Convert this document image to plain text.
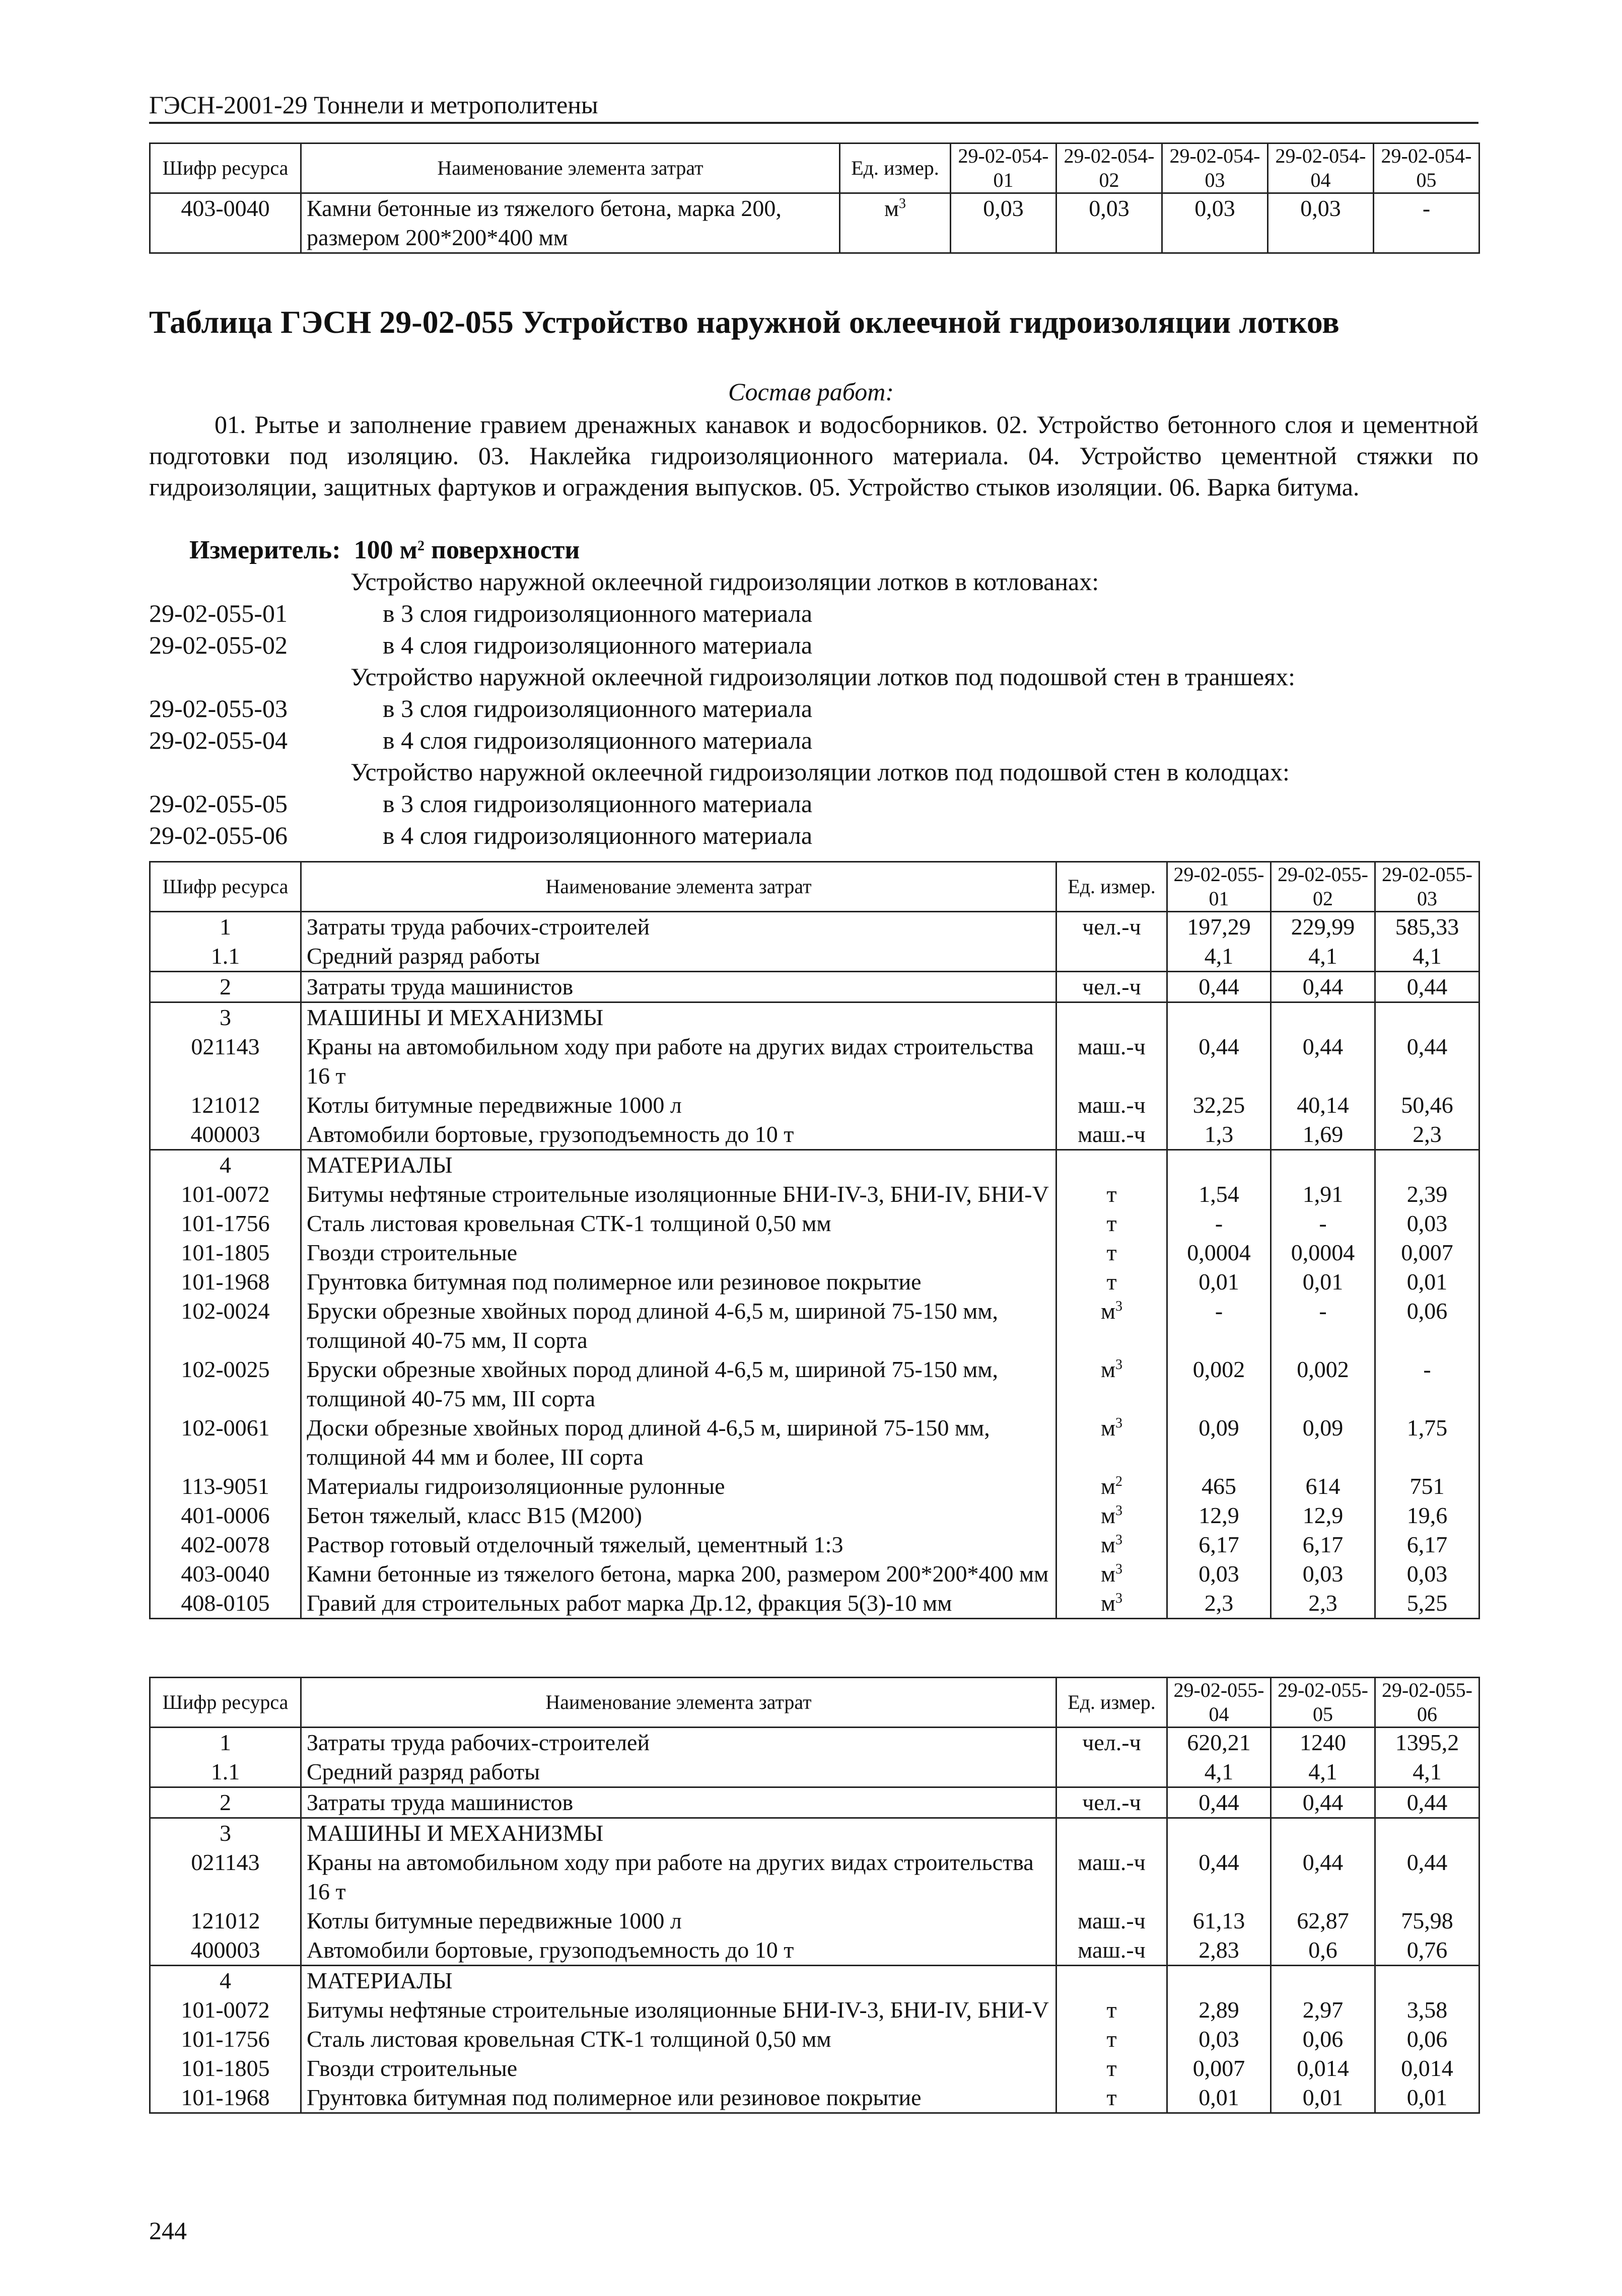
ГЭСН-2001-29 Тоннели и метрополитены
Шифр ресурса	Наименование элемента затрат	Ед. измер.	29-02-054-01	29-02-054-02	29-02-054-03	29-02-054-04	29-02-054-05
403-0040	Камни бетонные из тяжелого бетона, марка 200, размером 200*200*400 мм	$м^3$	0,03	0,03	0,03	0,03	-
Таблица ГЭСН 29-02-055 Устройство наружной оклеечной гидроизоляции лотков
Состав работ:
01. Рытье и заполнение гравием дренажных канавок и водосборников. 02. Устройство бетонного слоя и цементной подготовки под изоляцию. 03. Наклейка гидроизоляционного материала. 04. Устройство цементной стяжки по гидроизоляции, защитных фартуков и ограждения выпусков. 05. Устройство стыков изоляции. 06. Варка битума.
Измеритель: 100 $м^2$ поверхности
Устройство наружной оклеечной гидроизоляции лотков в котлованах:
29-02-055-01	в 3 слоя гидроизоляционного материала
29-02-055-02	в 4 слоя гидроизоляционного материала
Устройство наружной оклеечной гидроизоляции лотков под подошвой стен в траншеях:
29-02-055-03	в 3 слоя гидроизоляционного материала
29-02-055-04	в 4 слоя гидроизоляционного материала
Устройство наружной оклеечной гидроизоляции лотков под подошвой стен в колодцах:
29-02-055-05	в 3 слоя гидроизоляционного материала
29-02-055-06	в 4 слоя гидроизоляционного материала
Шифр ресурса	Наименование элемента затрат	Ед. измер.	29-02-055-01	29-02-055-02	29-02-055-03
1	Затраты труда рабочих-строителей	чел.-ч	197,29	229,99	585,33
1.1	Средний разряд работы		4,1	4,1	4,1
2	Затраты труда машинистов	чел.-ч	0,44	0,44	0,44
3	МАШИНЫ И МЕХАНИЗМЫ				
021143	Краны на автомобильном ходу при работе на других видах строительства 16 т	маш.-ч	0,44	0,44	0,44
121012	Котлы битумные передвижные 1000 л	маш.-ч	32,25	40,14	50,46
400003	Автомобили бортовые, грузоподъемность до 10 т	маш.-ч	1,3	1,69	2,3
4	МАТЕРИАЛЫ				
101-0072	Битумы нефтяные строительные изоляционные БНИ-IV-3, БНИ-IV, БНИ-V	т	1,54	1,91	2,39
101-1756	Сталь листовая кровельная СТК-1 толщиной 0,50 мм	т	-	-	0,03
101-1805	Гвозди строительные	т	0,0004	0,0004	0,007
101-1968	Грунтовка битумная под полимерное или резиновое покрытие	т	0,01	0,01	0,01
102-0024	Бруски обрезные хвойных пород длиной 4-6,5 м, шириной 75-150 мм, толщиной 40-75 мм, II сорта	$м^3$	-	-	0,06
102-0025	Бруски обрезные хвойных пород длиной 4-6,5 м, шириной 75-150 мм, толщиной 40-75 мм, III сорта	$м^3$	0,002	0,002	-
102-0061	Доски обрезные хвойных пород длиной 4-6,5 м, шириной 75-150 мм, толщиной 44 мм и более, III сорта	$м^3$	0,09	0,09	1,75
113-9051	Материалы гидроизоляционные рулонные	$м^2$	465	614	751
401-0006	Бетон тяжелый, класс B15 (M200)	$м^3$	12,9	12,9	19,6
402-0078	Раствор готовый отделочный тяжелый, цементный 1:3	$м^3$	6,17	6,17	6,17
403-0040	Камни бетонные из тяжелого бетона, марка 200, размером 200*200*400 мм	$м^3$	0,03	0,03	0,03
408-0105	Гравий для строительных работ марка Др.12, фракция 5(3)-10 мм	$м^3$	2,3	2,3	5,25
Шифр ресурса	Наименование элемента затрат	Ед. измер.	29-02-055-04	29-02-055-05	29-02-055-06
1	Затраты труда рабочих-строителей	чел.-ч	620,21	1240	1395,2
1.1	Средний разряд работы		4,1	4,1	4,1
2	Затраты труда машинистов	чел.-ч	0,44	0,44	0,44
3	МАШИНЫ И МЕХАНИЗМЫ				
021143	Краны на автомобильном ходу при работе на других видах строительства 16 т	маш.-ч	0,44	0,44	0,44
121012	Котлы битумные передвижные 1000 л	маш.-ч	61,13	62,87	75,98
400003	Автомобили бортовые, грузоподъемность до 10 т	маш.-ч	2,83	0,6	0,76
4	МАТЕРИАЛЫ				
101-0072	Битумы нефтяные строительные изоляционные БНИ-IV-3, БНИ-IV, БНИ-V	т	2,89	2,97	3,58
101-1756	Сталь листовая кровельная СТК-1 толщиной 0,50 мм	т	0,03	0,06	0,06
101-1805	Гвозди строительные	т	0,007	0,014	0,014
101-1968	Грунтовка битумная под полимерное или резиновое покрытие	т	0,01	0,01	0,01
244
